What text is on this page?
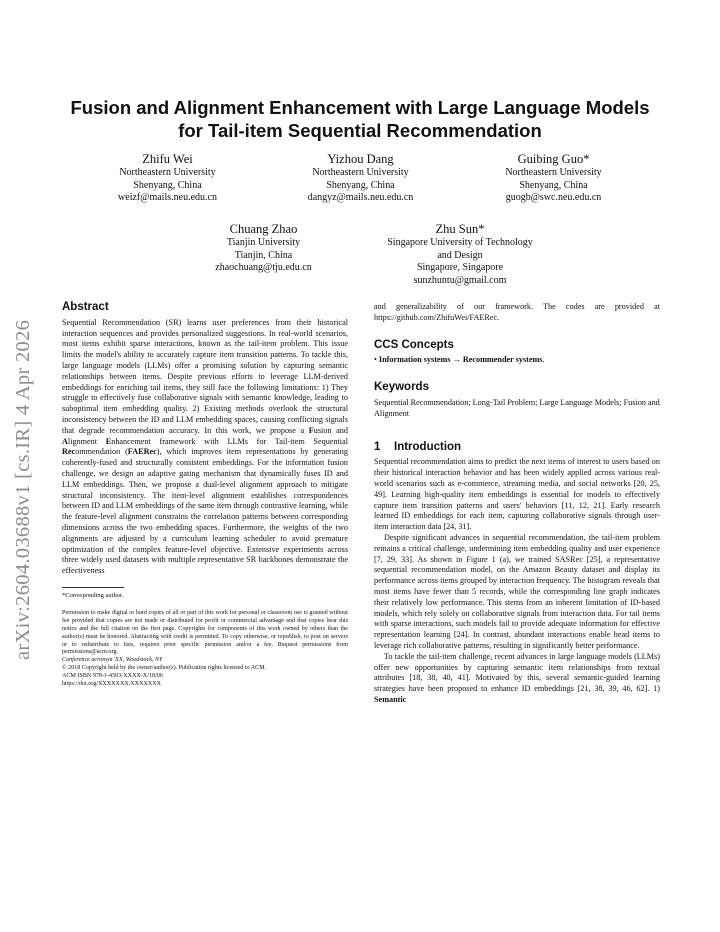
arXiv:2604.03688v1 [cs.IR] 4 Apr 2026
Fusion and Alignment Enhancement with Large Language Models for Tail-item Sequential Recommendation
Zhifu Wei
Northeastern University
Shenyang, China
weizf@mails.neu.edu.cn
Yizhou Dang
Northeastern University
Shenyang, China
dangyz@mails.neu.edu.cn
Guibing Guo*
Northeastern University
Shenyang, China
guogb@swc.neu.edu.cn
Chuang Zhao
Tianjin University
Tianjin, China
zhaochuang@tju.edu.cn
Zhu Sun*
Singapore University of Technology
and Design
Singapore, Singapore
sunzhuntu@gmail.com
Abstract

Sequential Recommendation (SR) learns user preferences from their historical interaction sequences and provides personalized suggestions. In real-world scenarios, most items exhibit sparse interactions, known as the tail-item problem. This issue limits the model's ability to accurately capture item transition patterns. To tackle this, large language models (LLMs) offer a promising solution by capturing semantic relationships between items. Despite previous efforts to leverage LLM-derived embeddings for enriching tail items, they still face the following limitations: 1) They struggle to effectively fuse collaborative signals with semantic knowledge, leading to suboptimal item embedding quality. 2) Existing methods overlook the structural inconsistency between the ID and LLM embedding spaces, causing conflicting signals that degrade recommendation accuracy. In this work, we propose a Fusion and Alignment Enhancement framework with LLMs for Tail-item Sequential Recommendation (FAERec), which improves item representations by generating coherently-fused and structurally consistent embeddings. For the information fusion challenge, we design an adaptive gating mechanism that dynamically fuses ID and LLM embeddings. Then, we propose a dual-level alignment approach to mitigate structural inconsistency. The item-level alignment establishes correspondences between ID and LLM embeddings of the same item through contrastive learning, while the feature-level alignment constrains the correlation patterns between corresponding dimensions across the two embedding spaces. Furthermore, the weights of the two alignments are adjusted by a curriculum learning scheduler to avoid premature optimization of the complex feature-level objective. Extensive experiments across three widely used datasets with multiple representative SR backbones demonstrate the effectiveness

*Corresponding author.
Permission to make digital or hard copies of all or part of this work for personal or classroom use is granted without fee provided that copies are not made or distributed for profit or commercial advantage and that copies bear this notice and the full citation on the first page. Copyrights for components of this work owned by others than the author(s) must be honored. Abstracting with credit is permitted. To copy otherwise, or republish, to post on servers or to redistribute to lists, requires prior specific permission and/or a fee. Request permissions from permissions@acm.org.
Conference acronym 'XX, Woodstock, NY
© 2018 Copyright held by the owner/author(s). Publication rights licensed to ACM.
ACM ISBN 978-1-4503-XXXX-X/18/06
https://doi.org/XXXXXXX.XXXXXXX

and generalizability of our framework. The codes are provided at https://github.com/ZhifuWei/FAERec.

CCS Concepts

• Information systems → Recommender systems.

Keywords

Sequential Recommendation; Long-Tail Problem; Large Language Models; Fusion and Alignment

1 Introduction

Sequential recommendation aims to predict the next items of interest to users based on their historical interaction behavior and has been widely applied across various real-world scenarios such as e-commerce, streaming media, and social networks [20, 25, 49]. Learning high-quality item embeddings is essential for models to effectively capture item transition patterns and users' behaviors [11, 12, 21]. Early research learned ID embeddings for each item, capturing collaborative signals through user-item interaction data [24, 31].

Despite significant advances in sequential recommendation, the tail-item problem remains a critical challenge, undermining item embedding quality and user experience [7, 29, 33]. As shown in Figure 1 (a), we trained SASRec [25], a representative sequential recommendation model, on the Amazon Beauty dataset and display its performance across items grouped by interaction frequency. The histogram reveals that most items have fewer than 5 records, while the corresponding line graph indicates their relatively low performance. This stems from an inherent limitation of ID-based models, which rely solely on collaborative signals from interaction data. For tail items with sparse interactions, such models fail to provide adequate information for effective representation learning [24]. In contrast, abundant interactions enable head items to leverage rich collaborative patterns, resulting in significantly better performance.

To tackle the tail-item challenge, recent advances in large language models (LLMs) offer new opportunities by capturing semantic item relationships from textual attributes [18, 38, 40, 41]. Motivated by this, several semantic-guided learning strategies have been proposed to enhance ID embeddings [21, 38, 39, 46, 62]. 1) Semantic
